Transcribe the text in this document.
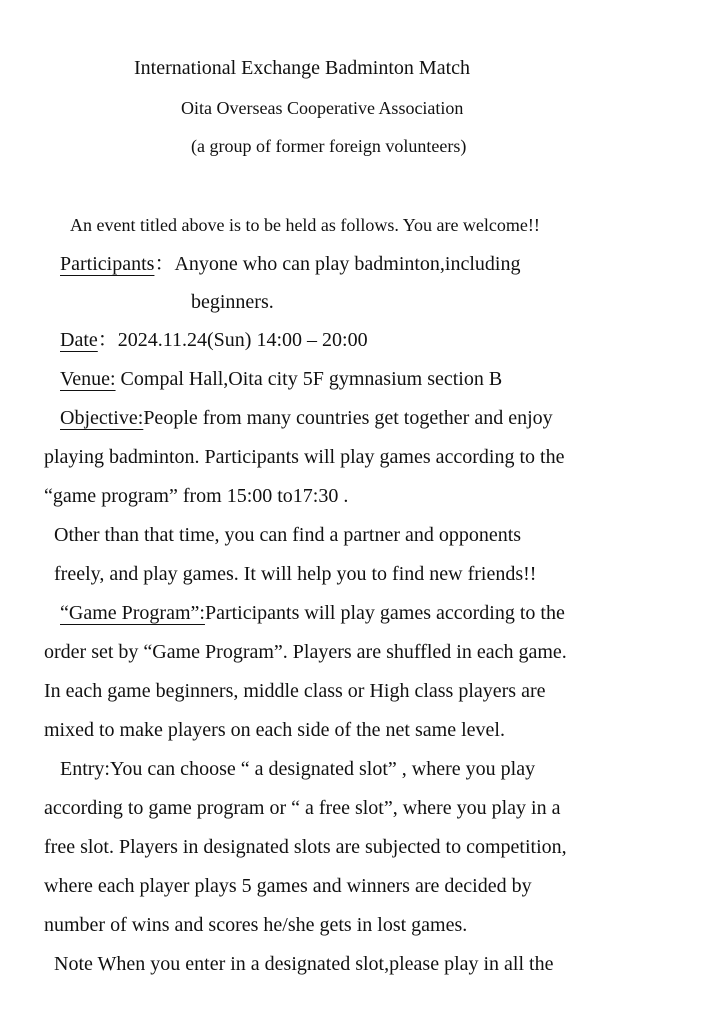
International Exchange Badminton Match
Oita Overseas Cooperative Association
(a group of former foreign volunteers)
An event titled above is to be held as follows. You are welcome!!
Participants：Anyone who can play badminton,including
beginners.
Date：2024.11.24(Sun) 14:00 – 20:00
Venue: Compal Hall,Oita city 5F gymnasium section B
Objective:People from many countries get together and enjoy
playing badminton. Participants will play games according to the
“game program” from 15:00 to17:30 .
Other than that time, you can find a partner and opponents
freely, and play games. It will help you to find new friends!!
“Game Program”:Participants will play games according to the
order set by “Game Program”. Players are shuffled in each game.
In each game beginners, middle class or High class players are
mixed to make players on each side of the net same level.
Entry:You can choose “ a designated slot” , where you play
according to game program or “ a free slot”, where you play in a
free slot. Players in designated slots are subjected to competition,
where each player plays 5 games and winners are decided by
number of wins and scores he/she gets in lost games.
Note When you enter in a designated slot,please play in all the
